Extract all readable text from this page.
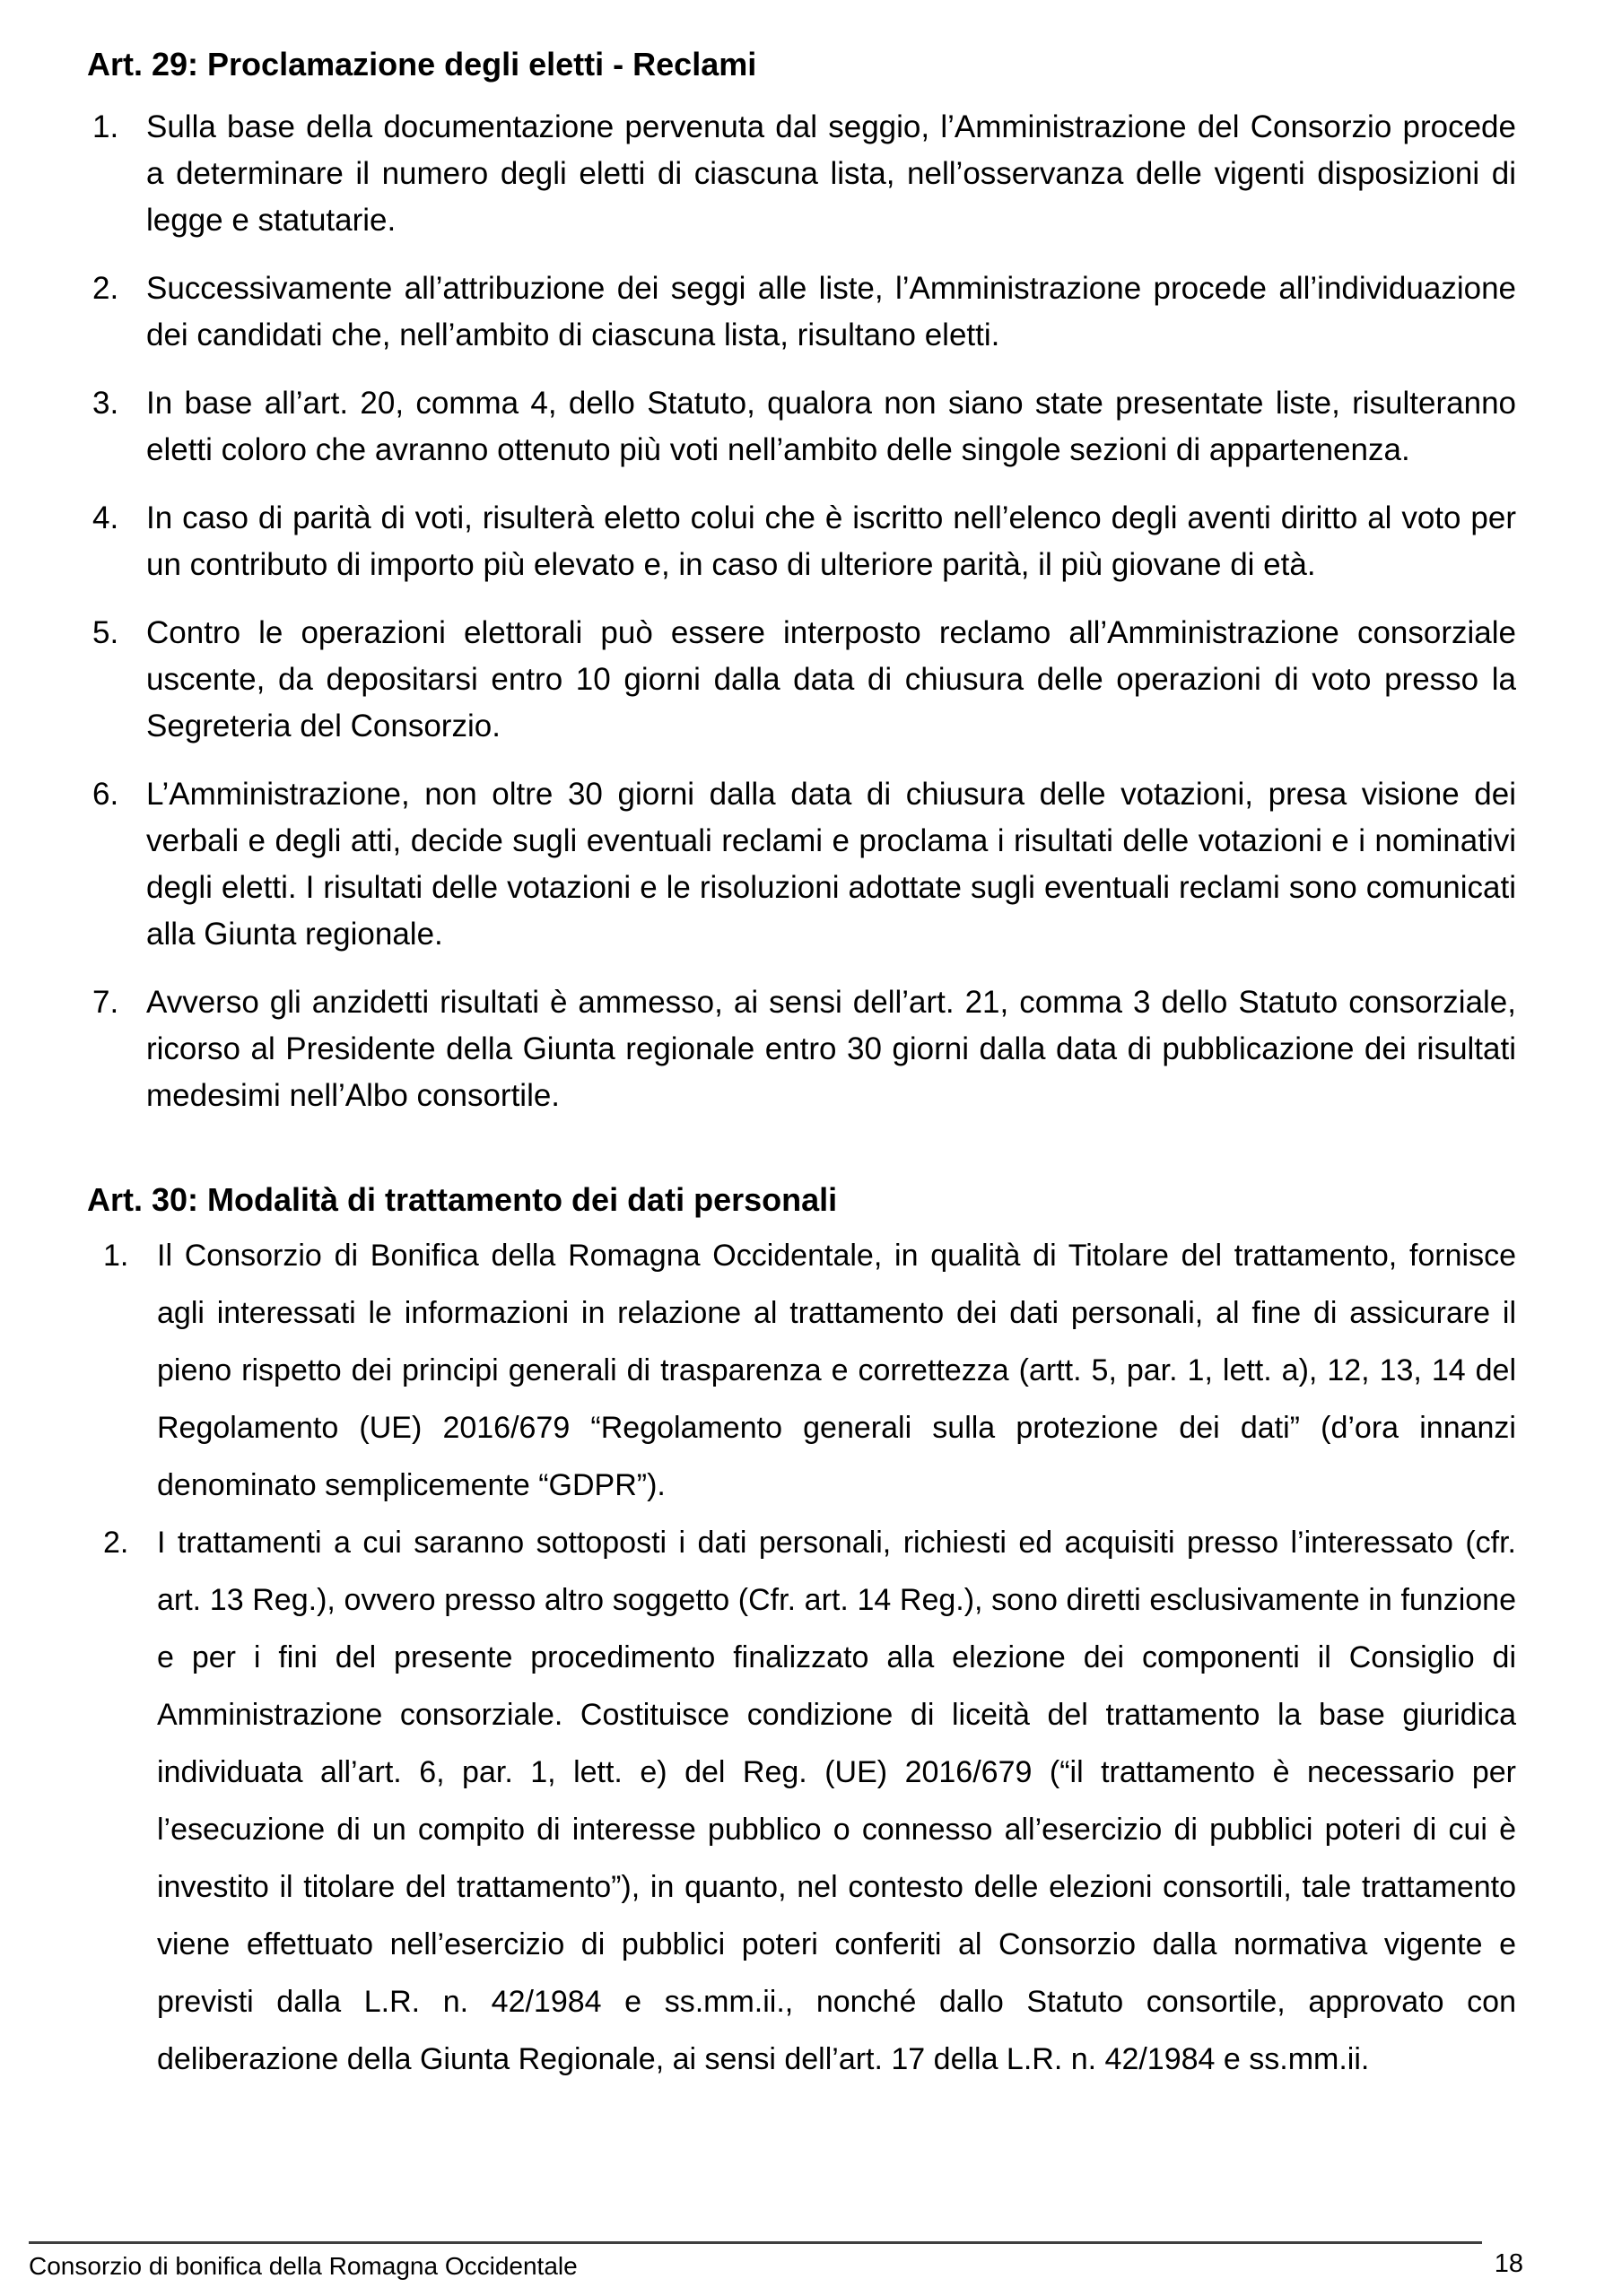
Art. 29: Proclamazione degli eletti - Reclami
1. Sulla base della documentazione pervenuta dal seggio, l’Amministrazione del Consorzio procede a determinare il numero degli eletti di ciascuna lista, nell’osservanza delle vigenti disposizioni di legge e statutarie.
2. Successivamente all’attribuzione dei seggi alle liste, l’Amministrazione procede all’individuazione dei candidati che, nell’ambito di ciascuna lista, risultano eletti.
3. In base all’art. 20, comma 4, dello Statuto, qualora non siano state presentate liste, risulteranno eletti coloro che avranno ottenuto più voti nell’ambito delle singole sezioni di appartenenza.
4. In caso di parità di voti, risulterà eletto colui che è iscritto nell’elenco degli aventi diritto al voto per un contributo di importo più elevato e, in caso di ulteriore parità, il più giovane di età.
5. Contro le operazioni elettorali può essere interposto reclamo all’Amministrazione consorziale uscente, da depositarsi entro 10 giorni dalla data di chiusura delle operazioni di voto presso la Segreteria del Consorzio.
6. L’Amministrazione, non oltre 30 giorni dalla data di chiusura delle votazioni, presa visione dei verbali e degli atti, decide sugli eventuali reclami e proclama i risultati delle votazioni e i nominativi degli eletti. I risultati delle votazioni e le risoluzioni adottate sugli eventuali reclami sono comunicati alla Giunta regionale.
7. Avverso gli anzidetti risultati è ammesso, ai sensi dell’art. 21, comma 3 dello Statuto consorziale, ricorso al Presidente della Giunta regionale entro 30 giorni dalla data di pubblicazione dei risultati medesimi nell’Albo consortile.
Art. 30: Modalità di trattamento dei dati personali
1. Il Consorzio di Bonifica della Romagna Occidentale, in qualità di Titolare del trattamento, fornisce agli interessati le informazioni in relazione al trattamento dei dati personali, al fine di assicurare il pieno rispetto dei principi generali di trasparenza e correttezza (artt. 5, par. 1, lett. a), 12, 13, 14 del Regolamento (UE) 2016/679 “Regolamento generali sulla protezione dei dati” (d’ora innanzi denominato semplicemente “GDPR”).
2. I trattamenti a cui saranno sottoposti i dati personali, richiesti ed acquisiti presso l’interessato (cfr. art. 13 Reg.), ovvero presso altro soggetto (Cfr. art. 14 Reg.), sono diretti esclusivamente in funzione e per i fini del presente procedimento finalizzato alla elezione dei componenti il Consiglio di Amministrazione consorziale. Costituisce condizione di liceità del trattamento la base giuridica individuata all’art. 6, par. 1, lett. e) del Reg. (UE) 2016/679 (“il trattamento è necessario per l’esecuzione di un compito di interesse pubblico o connesso all’esercizio di pubblici poteri di cui è investito il titolare del trattamento”), in quanto, nel contesto delle elezioni consortili, tale trattamento viene effettuato nell’esercizio di pubblici poteri conferiti al Consorzio dalla normativa vigente e previsti dalla L.R. n. 42/1984 e ss.mm.ii., nonché dallo Statuto consortile, approvato con deliberazione della Giunta Regionale, ai sensi dell’art. 17 della L.R. n. 42/1984 e ss.mm.ii.
Consorzio di bonifica della Romagna Occidentale	18
